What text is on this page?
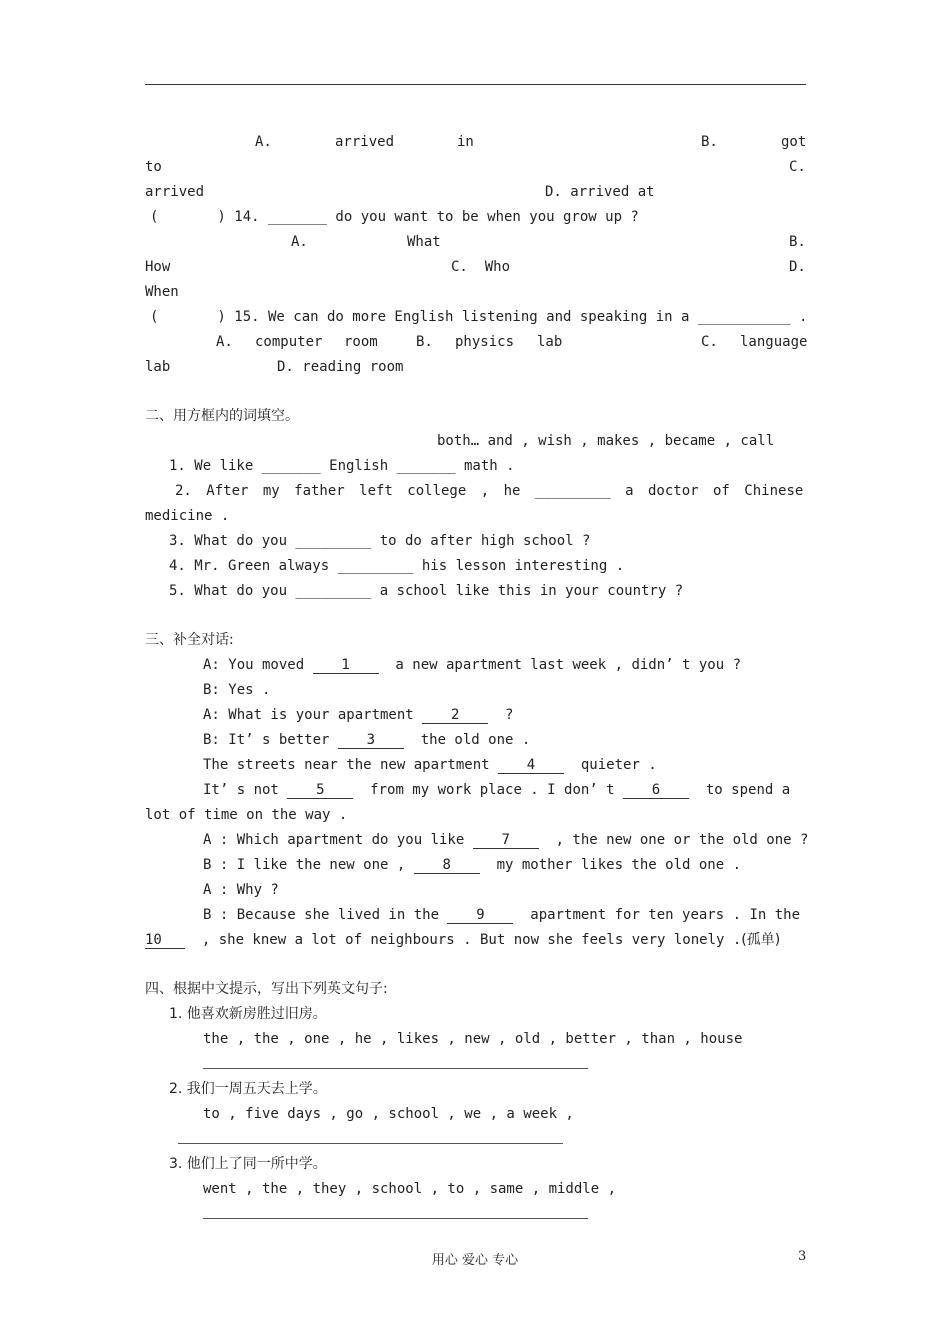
A.	arrived	in	B.	got
to	C.
arrived	D. arrived at
(       ) 14. _______ do you want to be when you grow up ?
A.	What	B.
How	C.  Who	D.
When
(       ) 15. We can do more English listening and speaking in a ___________ .
A. computer room	B. physics lab	C. language
lab	D. reading room
二、用方框内的词填空。
both… and , wish , makes , became , call
1. We like _______ English _______ math .
2. After my father left college , he _________ a doctor of Chinese
medicine .
3. What do you _________ to do after high school ?
4. Mr. Green always _________ his lesson interesting .
5. What do you _________ a school like this in your country ?
三、补全对话:
A: You moved 1  a new apartment last week , didn’ t you ?
B: Yes .
A: What is your apartment 2  ?
B: It’ s better 3  the old one .
The streets near the new apartment 4  quieter .
It’ s not 5  from my work place . I don’ t 6  to spend a
lot of time on the way .
A : Which apartment do you like 7  , the new one or the old one ?
B : I like the new one , 8  my mother likes the old one .
A : Why ?
B : Because she lived in the 9  apartment for ten years . In the
10  , she knew a lot of neighbours . But now she feels very lonely .(孤单)
四、根据中文提示，写出下列英文句子:
1. 他喜欢新房胜过旧房。
the , the , one , he , likes , new , old , better , than , house
2. 我们一周五天去上学。
to , five days , go , school , we , a week ,
3. 他们上了同一所中学。
went , the , they , school , to , same , middle ,
用心 爱心 专心	3
